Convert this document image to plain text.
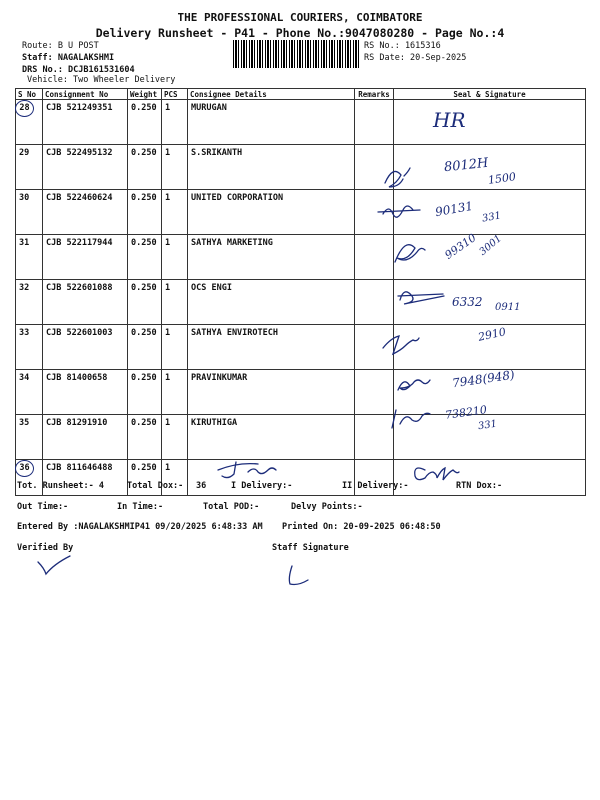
THE PROFESSIONAL COURIERS, COIMBATORE
Delivery Runsheet - P41 - Phone No.:9047080280 - Page No.:4
Route: B U POST
Staff: NAGALAKSHMI
DRS No.: DCJB161531604
Vehicle: Two Wheeler Delivery
RS No.: 1615316
RS Date: 20-Sep-2025
S No	Consignment No	Weight	PCS	Consignee Details	Remarks	Seal & Signature
28	CJB 521249351	0.250	1	MURUGAN		
29	CJB 522495132	0.250	1	S.SRIKANTH		
30	CJB 522460624	0.250	1	UNITED CORPORATION		
31	CJB 522117944	0.250	1	SATHYA MARKETING		
32	CJB 522601088	0.250	1	OCS ENGI		
33	CJB 522601003	0.250	1	SATHYA ENVIROTECH		
34	CJB 81400658	0.250	1	PRAVINKUMAR		
35	CJB 81291910	0.250	1	KIRUTHIGA		
36	CJB 811646488	0.250	1			
HR
8012H
1500
90131 331
99310
3001
6332 0911
2910
7948(948)
738210
331
Tot. Runsheet:- 4	Total Dox:- 36	I Delivery:-	II Delivery:-	RTN Dox:-
Out Time:-	In Time:-	Total POD:-	Delvy Points:-
Entered By :NAGALAKSHMIP41 09/20/2025 6:48:33 AM Printed On: 20-09-2025 06:48:50
Verified By	Staff Signature
